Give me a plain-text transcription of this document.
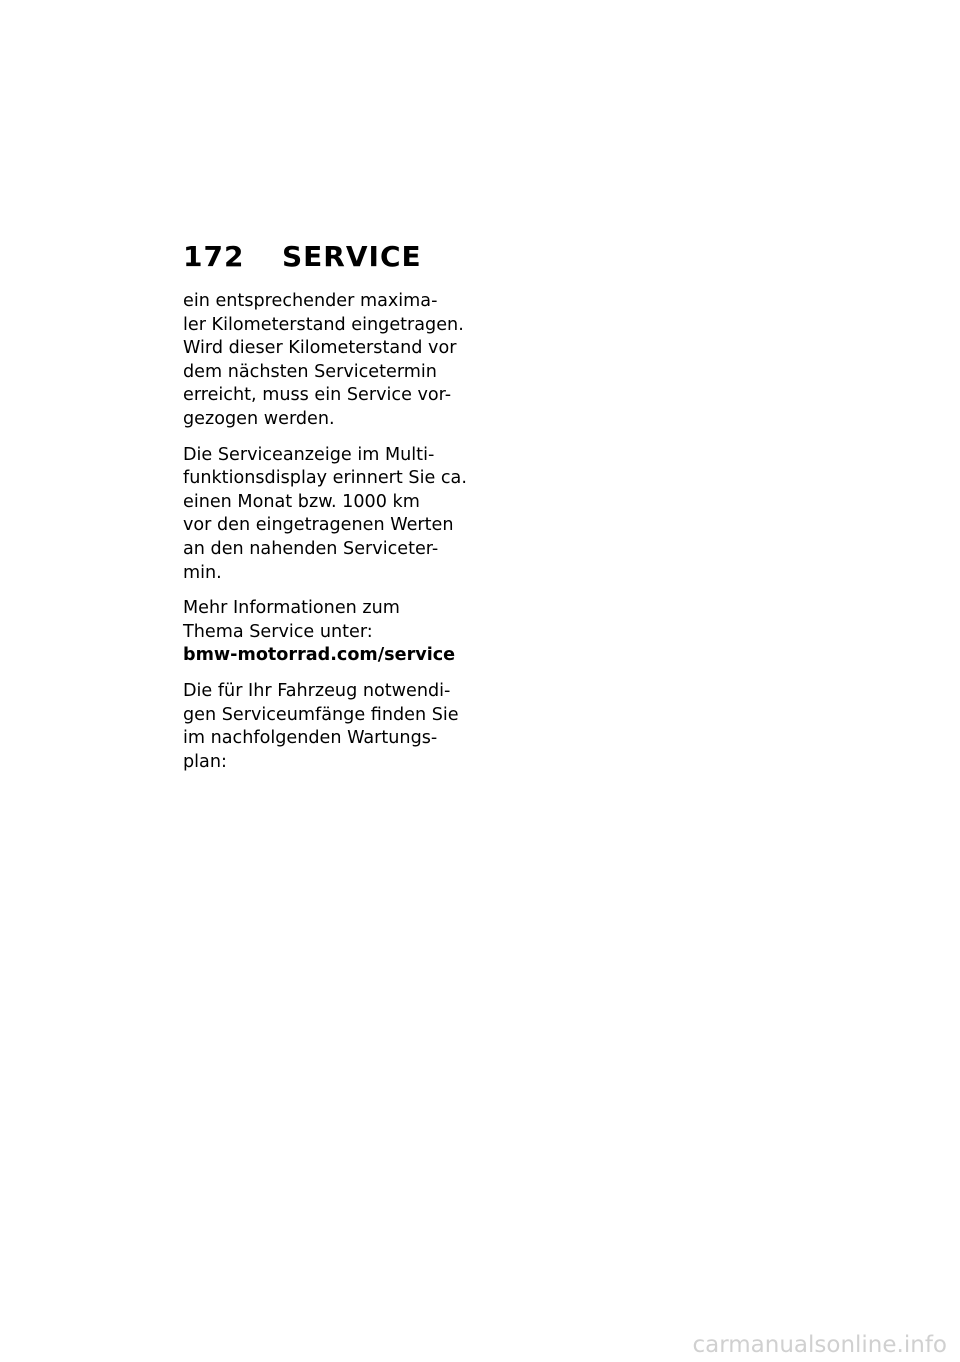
172 SERVICE

ein entsprechender maxima-
ler Kilometerstand eingetragen.
Wird dieser Kilometerstand vor
dem nächsten Servicetermin
erreicht, muss ein Service vor-
gezogen werden.

Die Serviceanzeige im Multi-
funktionsdisplay erinnert Sie ca.
einen Monat bzw. 1000 km
vor den eingetragenen Werten
an den nahenden Serviceter-
min.

Mehr Informationen zum
Thema Service unter:
bmw-motorrad.com/service

Die für Ihr Fahrzeug notwendi-
gen Serviceumfänge finden Sie
im nachfolgenden Wartungs-
plan:

carmanualsonline.info
